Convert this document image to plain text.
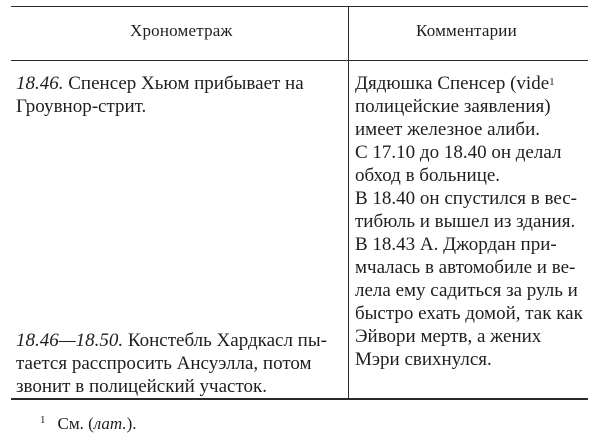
Хронометраж	Комментарии
18.46. Спенсер Хьюм прибывает на
Гроувнор-стрит.
18.46—18.50. Констебль Хардкасл пы-
тается расспросить Ансуэлла, потом
звонит в полицейский участок.
Дядюшка Спенсер (vide$^1$
полицейские заявления)
имеет железное алиби.
С 17.10 до 18.40 он делал
обход в больнице.
В 18.40 он спустился в вес-
тибюль и вышел из здания.
В 18.43 А. Джордан при-
мчалась в автомобиле и ве-
лела ему садиться за руль и
быстро ехать домой, так как
Эйвори мертв, а жених
Мэри свихнулся.
$^1$ См. (лат.).
